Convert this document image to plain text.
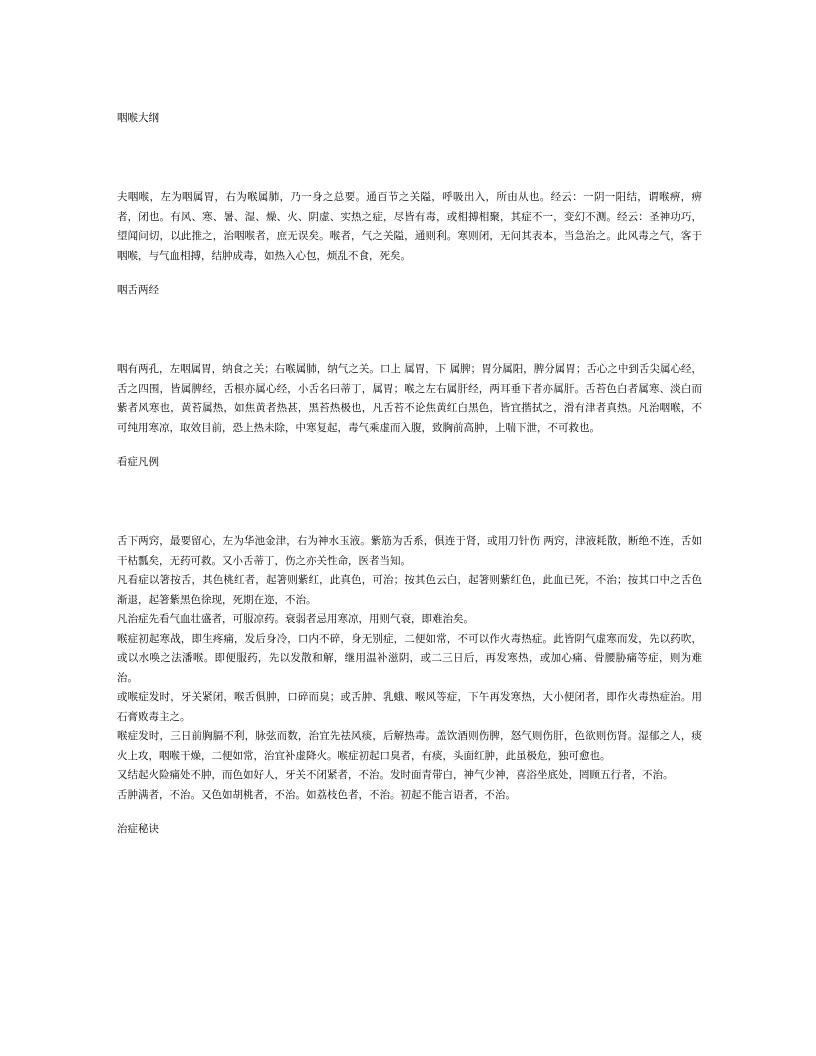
咽喉大纲

夫咽喉，左为咽属胃，右为喉属肺，乃一身之总要。通百节之关隘，呼吸出入，所由从也。经云：一阴一阳结，谓喉痹，痹者，闭也。有风、寒、暑、湿、燥、火、阴虚、实热之症，尽皆有毒，或相搏相聚，其症不一，变幻不测。经云：圣神功巧，望闻问切，以此推之，治咽喉者，庶无误矣。喉者，气之关隘，通则利。寒则闭，无问其表本，当急治之。此风毒之气，客于咽喉，与气血相搏，结肿成毒，如热入心包，烦乱不食，死矣。

咽舌两经

咽有两孔，左咽属胃，纳食之关；右喉属肺，纳气之关。口上 属胃，下 属脾；胃分属阳，脾分属胃；舌心之中到舌尖属心经，舌之四围，皆属脾经，舌根亦属心经，小舌名曰蒂丁，属胃；喉之左右属肝经，两耳垂下者亦属肝。舌苔色白者属寒、淡白而紫者风寒也，黄苔属热，如焦黄者热甚，黑苔热极也，凡舌苔不论焦黄红白黑色，皆宜揩拭之，滑有津者真热。凡治咽喉，不可纯用寒凉，取效目前，恐上热未除，中寒复起，毒气乘虚而入腹，致胸前高肿，上喘下泄，不可救也。

看症凡例

舌下两窍，最要留心，左为华池金津，右为神水玉液。紫筋为舌系，俱连于肾，或用刀针伤 两窍，津液耗散，断绝不连，舌如干枯瓢矣，无药可救。又小舌蒂丁，伤之亦关性命，医者当知。

凡看症以箸按舌，其色桃红者，起箸则紫红，此真色，可治；按其色云白，起箸则紫红色，此血已死，不治；按其口中之舌色渐退，起箸紫黑色徐现，死期在迩，不治。

凡治症先看气血壮盛者，可服凉药。衰弱者忌用寒凉，用则气衰，即难治矣。

喉症初起寒战，即生疼痛，发后身冷，口内不碎，身无别症，二便如常，不可以作火毒热症。此皆阴气虚寒而发，先以药吹，或以水唤之法潘喉。即便服药，先以发散和解，继用温补滋阴，或二三日后，再发寒热，或加心痛、骨腰胁痛等症，则为难治。

或喉症发时，牙关紧闭，喉舌俱肿，口碎而臭；或舌肿、乳蛾、喉风等症，下午再发寒热，大小便闭者，即作火毒热症治。用石膏败毒主之。

喉症发时，三日前胸膈不利，脉弦而数，治宜先祛风痰，后解热毒。盖饮酒则伤脾，怒气则伤肝，色欲则伤肾。湿郁之人，痰火上攻，咽喉干燥，二便如常，治宜补虚降火。喉症初起口臭者，有痰，头面红肿，此虽极危，独可愈也。

又结起火险痛处不肿，而色如好人，牙关不闭紧者，不治。发时面青带白，神气少神，喜浴坐底处，罔顾五行者，不治。

舌肿满者，不治。又色如胡桃者，不治。如荔枝色者，不治。初起不能言语者，不治。

治症秘诀
